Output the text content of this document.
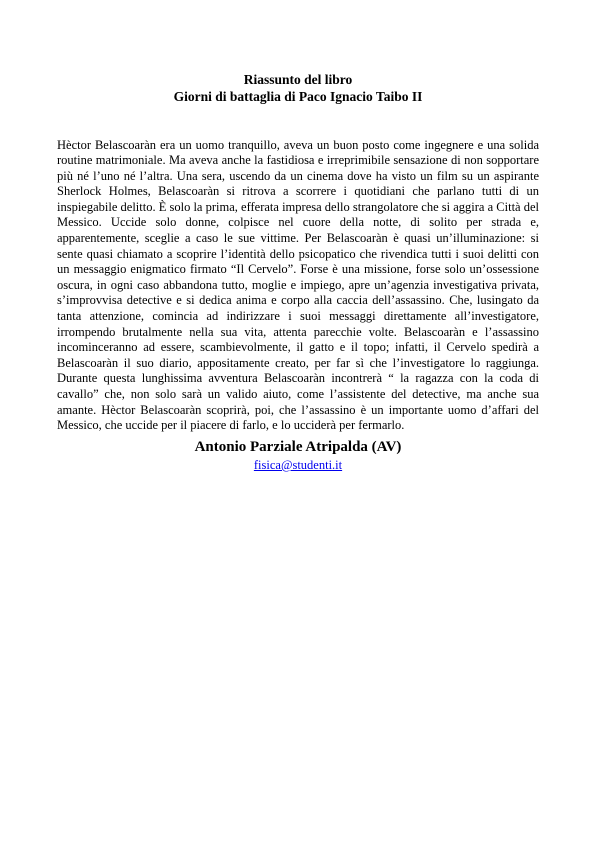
Riassunto del libro
Giorni di battaglia di Paco Ignacio Taibo II

Hèctor Belascoaràn era un uomo tranquillo, aveva un buon posto come ingegnere e una solida routine matrimoniale. Ma aveva anche la fastidiosa e irreprimibile sensazione di non sopportare più né l’uno né l’altra. Una sera, uscendo da un cinema dove ha visto un film su un aspirante Sherlock Holmes, Belascoaràn si ritrova a scorrere i quotidiani che parlano tutti di un inspiegabile delitto. È solo la prima, efferata impresa dello strangolatore che si aggira a Città del Messico. Uccide solo donne, colpisce nel cuore della notte, di solito per strada e, apparentemente, sceglie a caso le sue vittime. Per Belascoaràn è quasi un’illuminazione: si sente quasi chiamato a scoprire l’identità dello psicopatico che rivendica tutti i suoi delitti con un messaggio enigmatico firmato “Il Cervelo”. Forse è una missione, forse solo un’ossessione oscura, in ogni caso abbandona tutto, moglie e impiego, apre un’agenzia investigativa privata, s’improvvisa detective e si dedica anima e corpo alla caccia dell’assassino. Che, lusingato da tanta attenzione, comincia ad indirizzare i suoi messaggi direttamente all’investigatore, irrompendo brutalmente nella sua vita, attenta parecchie volte. Belascoaràn e l’assassino incominceranno ad essere, scambievolmente, il gatto e il topo; infatti, il Cervelo spedirà a Belascoaràn il suo diario, appositamente creato, per far sì che l’investigatore lo raggiunga. Durante questa lunghissima avventura Belascoaràn incontrerà “ la ragazza con la coda di cavallo” che, non solo sarà un valido aiuto, come l’assistente del detective, ma anche sua amante. Hèctor Belascoaràn scoprirà, poi, che l’assassino è un importante uomo d’affari del Messico, che uccide per il piacere di farlo, e lo ucciderà per fermarlo.

Antonio Parziale Atripalda (AV)
fisica@studenti.it
